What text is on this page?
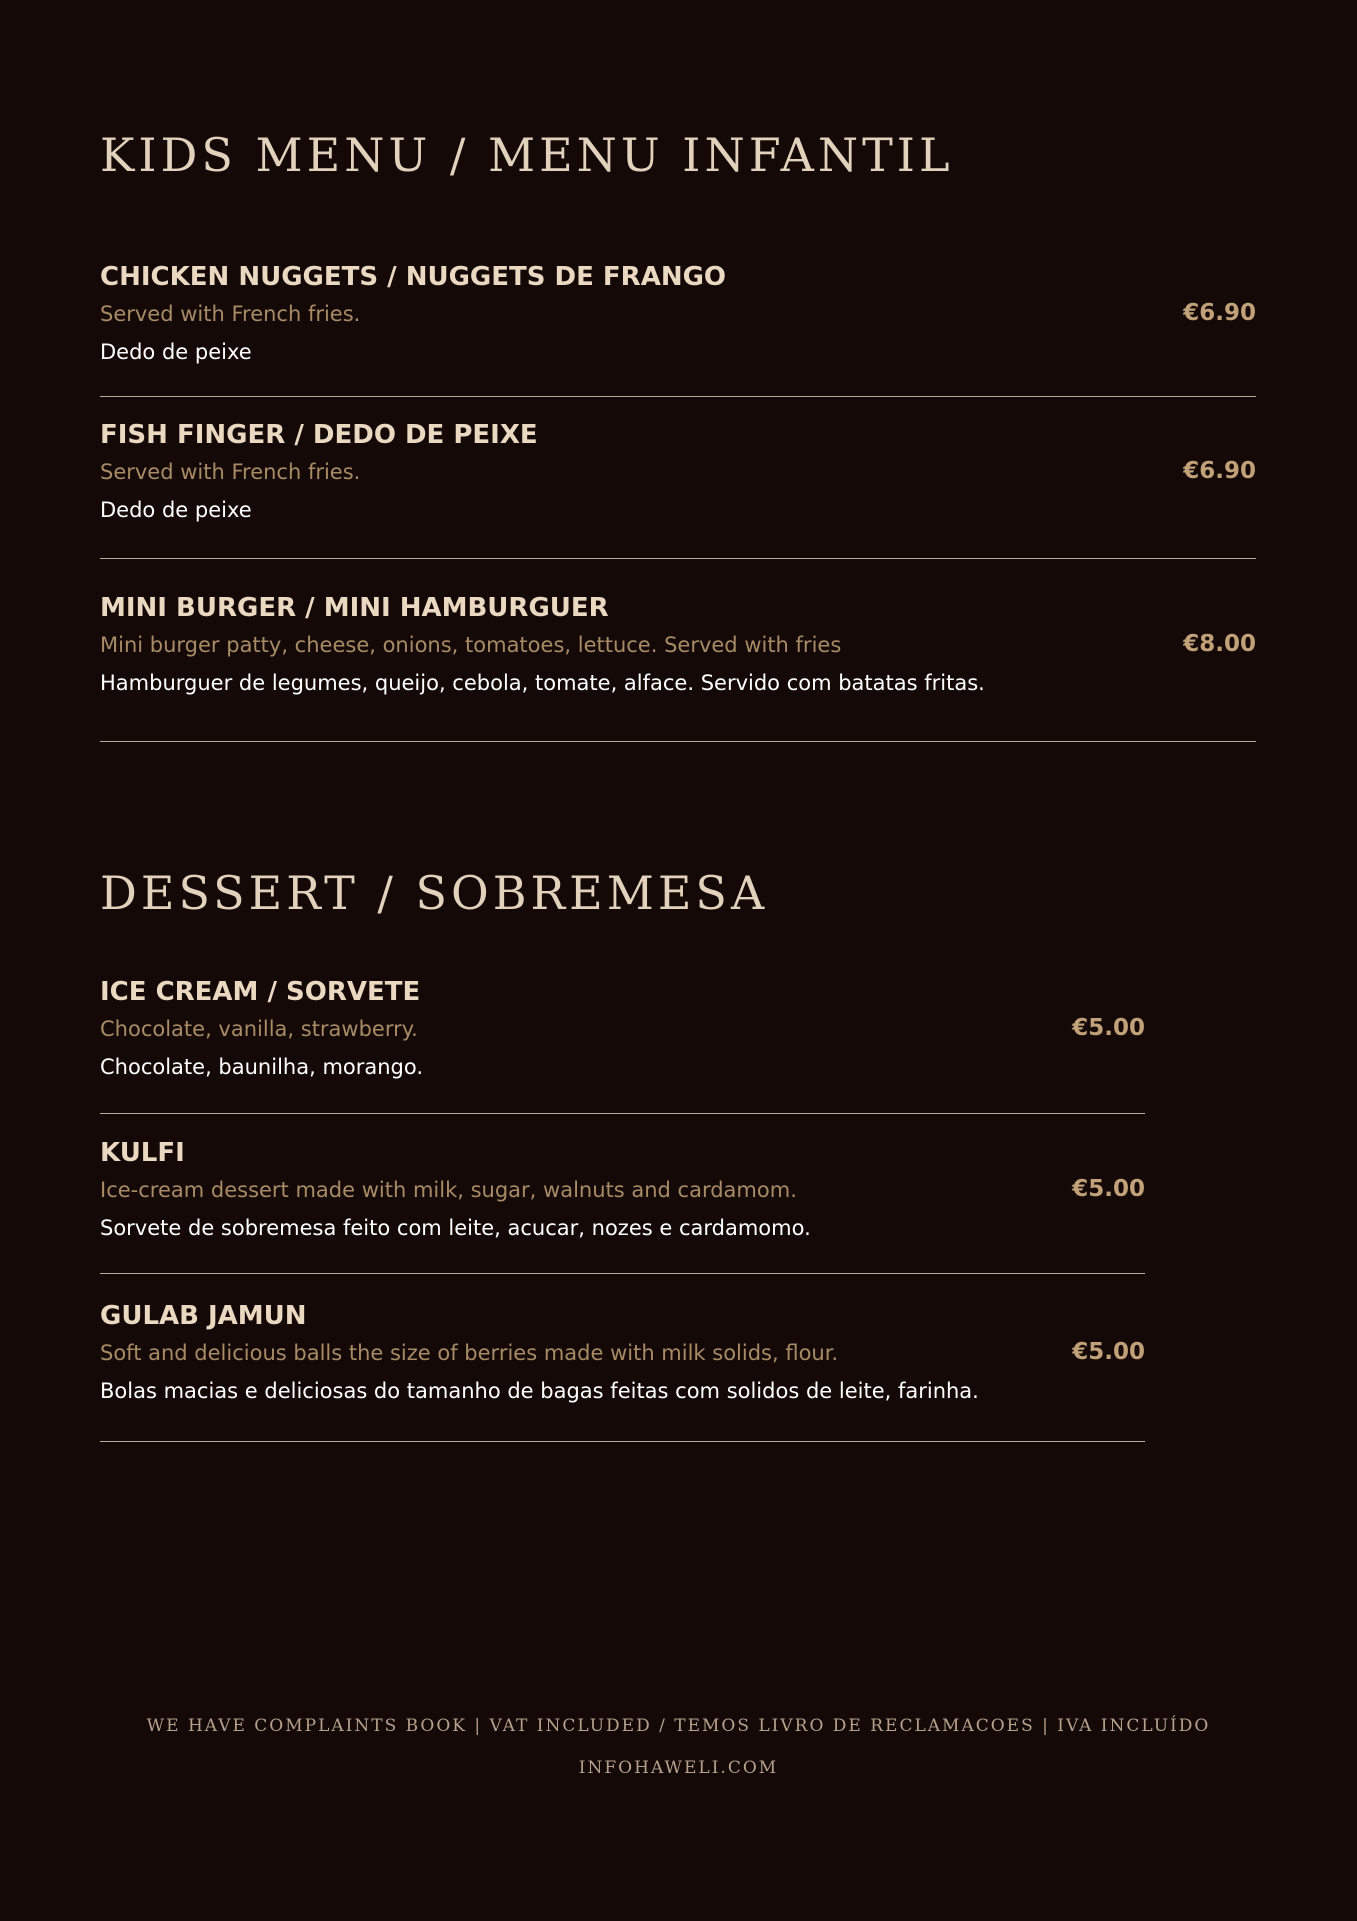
KIDS MENU / MENU INFANTIL
CHICKEN NUGGETS / NUGGETS DE FRANGO
Served with French fries.
Dedo de peixe
€6.90
FISH FINGER / DEDO DE PEIXE
Served with French fries.
Dedo de peixe
€6.90
MINI BURGER / MINI HAMBURGUER
Mini burger patty, cheese, onions, tomatoes, lettuce. Served with fries
Hamburguer de legumes, queijo, cebola, tomate, alface. Servido com batatas fritas.
€8.00
DESSERT / SOBREMESA
ICE CREAM / SORVETE
Chocolate, vanilla, strawberry.
Chocolate, baunilha, morango.
€5.00
KULFI
Ice-cream dessert made with milk, sugar, walnuts and cardamom.
Sorvete de sobremesa feito com leite, acucar, nozes e cardamomo.
€5.00
GULAB JAMUN
Soft and delicious balls the size of berries made with milk solids, flour.
Bolas macias e deliciosas do tamanho de bagas feitas com solidos de leite, farinha.
€5.00
WE HAVE COMPLAINTS BOOK | VAT INCLUDED / TEMOS LIVRO DE RECLAMACOES | IVA INCLUÍDO
INFOHAWELI.COM
